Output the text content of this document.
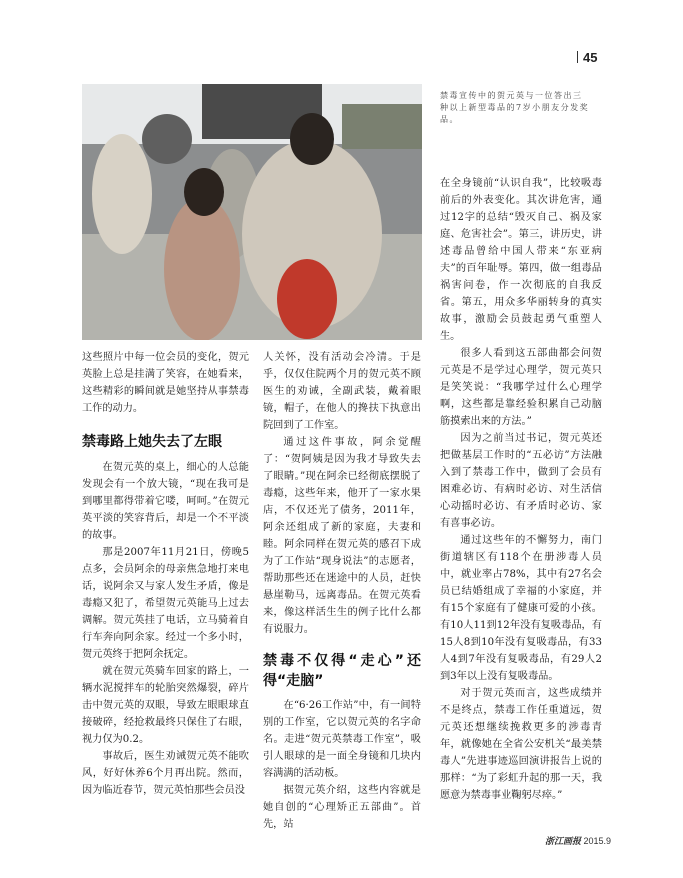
45
禁毒宣传中的贺元英与一位答出三种以上新型毒品的7岁小朋友分发奖品。

这些照片中每一位会员的变化，贺元英脸上总是挂满了笑容，在她看来，这些精彩的瞬间就是她坚持从事禁毒工作的动力。

禁毒路上她失去了左眼

在贺元英的桌上，细心的人总能发现会有一个放大镜，“现在我可是到哪里都得带着它喽，呵呵。”在贺元英平淡的笑容背后，却是一个不平淡的故事。

那是2007年11月21日，傍晚5点多，会员阿余的母亲焦急地打来电话，说阿余又与家人发生矛盾，像是毒瘾又犯了，希望贺元英能马上过去调解。贺元英挂了电话，立马骑着自行车奔向阿余家。经过一个多小时，贺元英终于把阿余抚定。

就在贺元英骑车回家的路上，一辆水泥搅拌车的轮胎突然爆裂，碎片击中贺元英的双眼，导致左眼眼球直接破碎，经抢救最终只保住了右眼，视力仅为0.2。

事故后，医生劝诫贺元英不能吹风，好好休养6个月再出院。然而，因为临近春节，贺元英怕那些会员没

人关怀，没有活动会冷清。于是乎，仅仅住院两个月的贺元英不顾医生的劝诫，全副武装，戴着眼镜，帽子，在他人的搀扶下执意出院回到了工作室。

通过这件事故，阿余觉醒了：“贺阿姨是因为我才导致失去了眼睛。”现在阿余已经彻底摆脱了毒瘾，这些年来，他开了一家水果店，不仅还光了债务，2011年，阿余还组成了新的家庭，夫妻和睦。阿余同样在贺元英的感召下成为了工作站“现身说法”的志愿者，帮助那些还在迷途中的人员，赶快悬崖勒马，远离毒品。在贺元英看来，像这样活生生的例子比什么都有说服力。

禁毒不仅得“走心”还得“走脑”

在“6·26工作站”中，有一间特别的工作室，它以贺元英的名字命名。走进“贺元英禁毒工作室”，吸引人眼球的是一面全身镜和几块内容满满的活动板。

据贺元英介绍，这些内容就是她自创的“心理矫正五部曲”。首先，站

在全身镜前“认识自我”，比较吸毒前后的外表变化。其次讲危害，通过12字的总结“毁灭自己、祸及家庭、危害社会”。第三，讲历史，讲述毒品曾给中国人带来“东亚病夫”的百年耻辱。第四，做一组毒品祸害问卷，作一次彻底的自我反省。第五，用众多华丽转身的真实故事，激励会员鼓起勇气重塑人生。

很多人看到这五部曲都会问贺元英是不是学过心理学，贺元英只是笑笑说：“我哪学过什么心理学啊，这些都是靠经验积累自己动脑筋摸索出来的方法。”

因为之前当过书记，贺元英还把做基层工作时的“五必访”方法融入到了禁毒工作中，做到了会员有困难必访、有病时必访、对生活信心动摇时必访、有矛盾时必访、家有喜事必访。

通过这些年的不懈努力，南门街道辖区有118个在册涉毒人员中，就业率占78%，其中有27名会员已结婚组成了幸福的小家庭，并有15个家庭有了健康可爱的小孩。有10人11到12年没有复吸毒品，有15人8到10年没有复吸毒品，有33人4到7年没有复吸毒品，有29人2到3年以上没有复吸毒品。

对于贺元英而言，这些成绩并不是终点，禁毒工作任重道远，贺元英还想继续挽救更多的涉毒青年，就像她在全省公安机关“最美禁毒人”先进事迹巡回演讲报告上说的那样：“为了彩虹升起的那一天，我愿意为禁毒事业鞠躬尽瘁。”

浙江画报 2015.9
